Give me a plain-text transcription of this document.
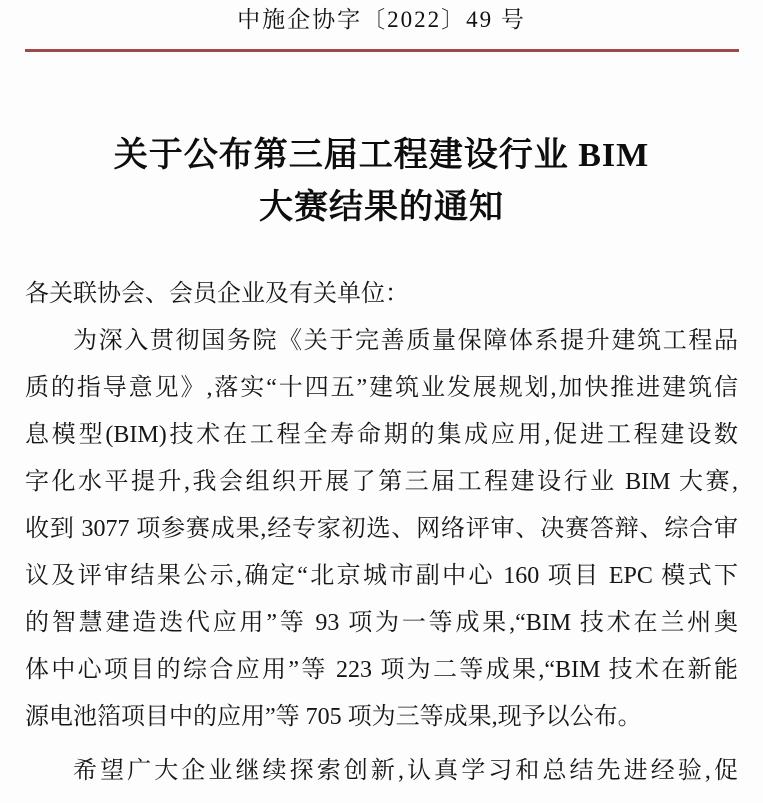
中施企协字〔2022〕49 号
关于公布第三届工程建设行业 BIM
大赛结果的通知
各关联协会、会员企业及有关单位：
为深入贯彻国务院《关于完善质量保障体系提升建筑工程品
质的指导意见》,落实“十四五”建筑业发展规划,加快推进建筑信
息模型(BIM)技术在工程全寿命期的集成应用,促进工程建设数
字化水平提升,我会组织开展了第三届工程建设行业 BIM 大赛,
收到 3077 项参赛成果,经专家初选、网络评审、决赛答辩、综合审
议及评审结果公示,确定“北京城市副中心 160 项目 EPC 模式下
的智慧建造迭代应用”等 93 项为一等成果,“BIM 技术在兰州奥
体中心项目的综合应用”等 223 项为二等成果,“BIM 技术在新能
源电池箔项目中的应用”等 705 项为三等成果,现予以公布。
希望广大企业继续探索创新,认真学习和总结先进经验,促
